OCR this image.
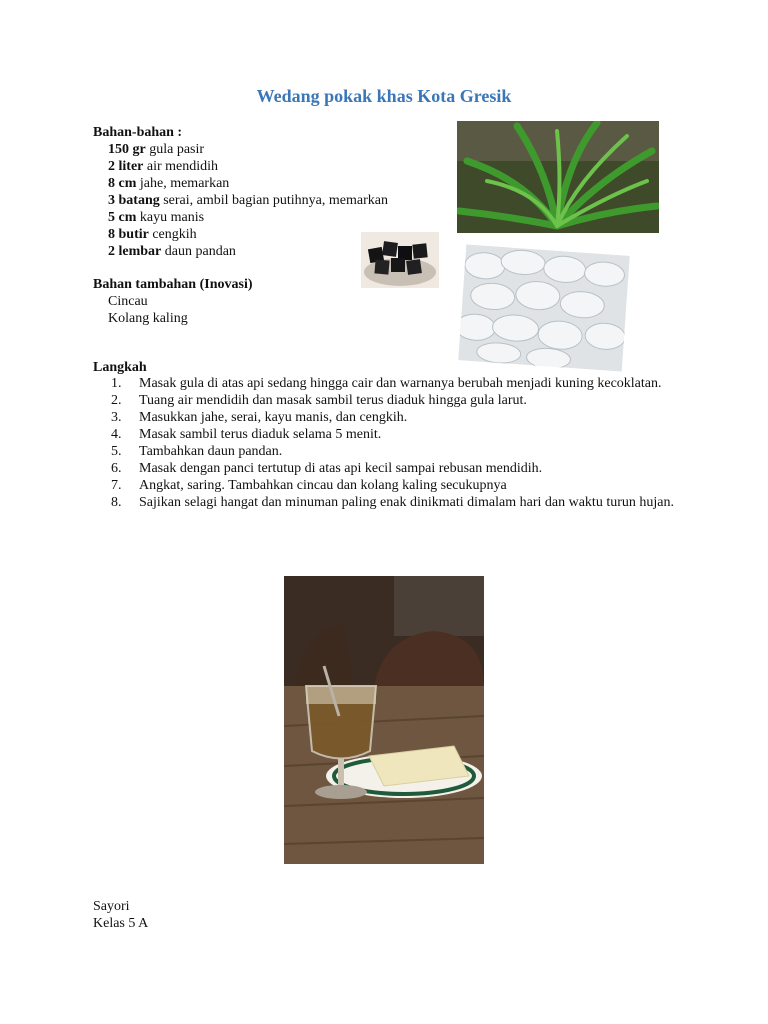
Wedang pokak khas Kota Gresik
Bahan-bahan :
150 gr gula pasir
2 liter air mendidih
8 cm jahe, memarkan
3 batang serai, ambil bagian putihnya, memarkan
5 cm kayu manis
8 butir cengkih
2 lembar daun pandan
Bahan tambahan (Inovasi)
Cincau
Kolang kaling
Langkah
1. Masak gula di atas api sedang hingga cair dan warnanya berubah menjadi kuning kecoklatan.
2. Tuang air mendidih dan masak sambil terus diaduk hingga gula larut.
3. Masukkan jahe, serai, kayu manis, dan cengkih.
4. Masak sambil terus diaduk selama 5 menit.
5. Tambahkan daun pandan.
6. Masak dengan panci tertutup di atas api kecil sampai rebusan mendidih.
7. Angkat, saring. Tambahkan cincau dan kolang kaling secukupnya
8. Sajikan selagi hangat dan minuman paling enak dinikmati dimalam hari dan waktu turun hujan.
Sayori
Kelas 5 A
